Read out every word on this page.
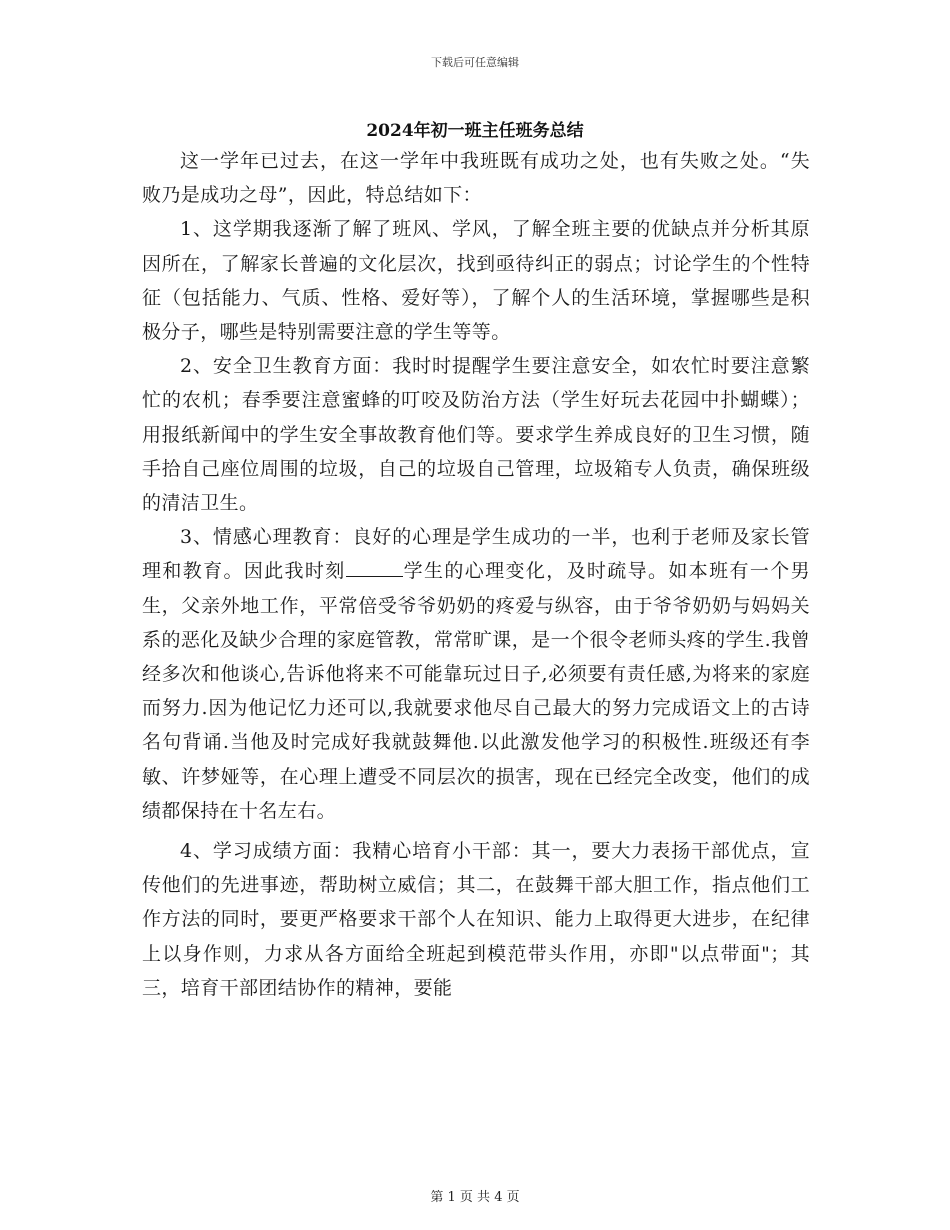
下载后可任意编辑
2024年初一班主任班务总结

这一学年已过去，在这一学年中我班既有成功之处，也有失败之处。“失败乃是成功之母”，因此，特总结如下：

1、这学期我逐渐了解了班风、学风，了解全班主要的优缺点并分析其原因所在，了解家长普遍的文化层次，找到亟待纠正的弱点；讨论学生的个性特征（包括能力、气质、性格、爱好等），了解个人的生活环境，掌握哪些是积极分子，哪些是特别需要注意的学生等等。

2、安全卫生教育方面：我时时提醒学生要注意安全，如农忙时要注意繁忙的农机；春季要注意蜜蜂的叮咬及防治方法（学生好玩去花园中扑蝴蝶）；用报纸新闻中的学生安全事故教育他们等。要求学生养成良好的卫生习惯，随手拾自己座位周围的垃圾，自己的垃圾自己管理，垃圾箱专人负责，确保班级的清洁卫生。

3、情感心理教育：良好的心理是学生成功的一半，也利于老师及家长管理和教育。因此我时刻	学生的心理变化，及时疏导。如本班有一个男生，父亲外地工作，平常倍受爷爷奶奶的疼爱与纵容，由于爷爷奶奶与妈妈关系的恶化及缺少合理的家庭管教，常常旷课，是一个很令老师头疼的学生.我曾经多次和他谈心,告诉他将来不可能靠玩过日子,必须要有责任感,为将来的家庭而努力.因为他记忆力还可以,我就要求他尽自己最大的努力完成语文上的古诗名句背诵.当他及时完成好我就鼓舞他.以此激发他学习的积极性.班级还有李敏、许梦娅等，在心理上遭受不同层次的损害，现在已经完全改变，他们的成绩都保持在十名左右。

4、学习成绩方面：我精心培育小干部：其一，要大力表扬干部优点，宣传他们的先进事迹，帮助树立威信；其二，在鼓舞干部大胆工作，指点他们工作方法的同时，要更严格要求干部个人在知识、能力上取得更大进步，在纪律上以身作则，力求从各方面给全班起到模范带头作用，亦即"以点带面"；其三，培育干部团结协作的精神，要能

第 1 页 共 4 页
